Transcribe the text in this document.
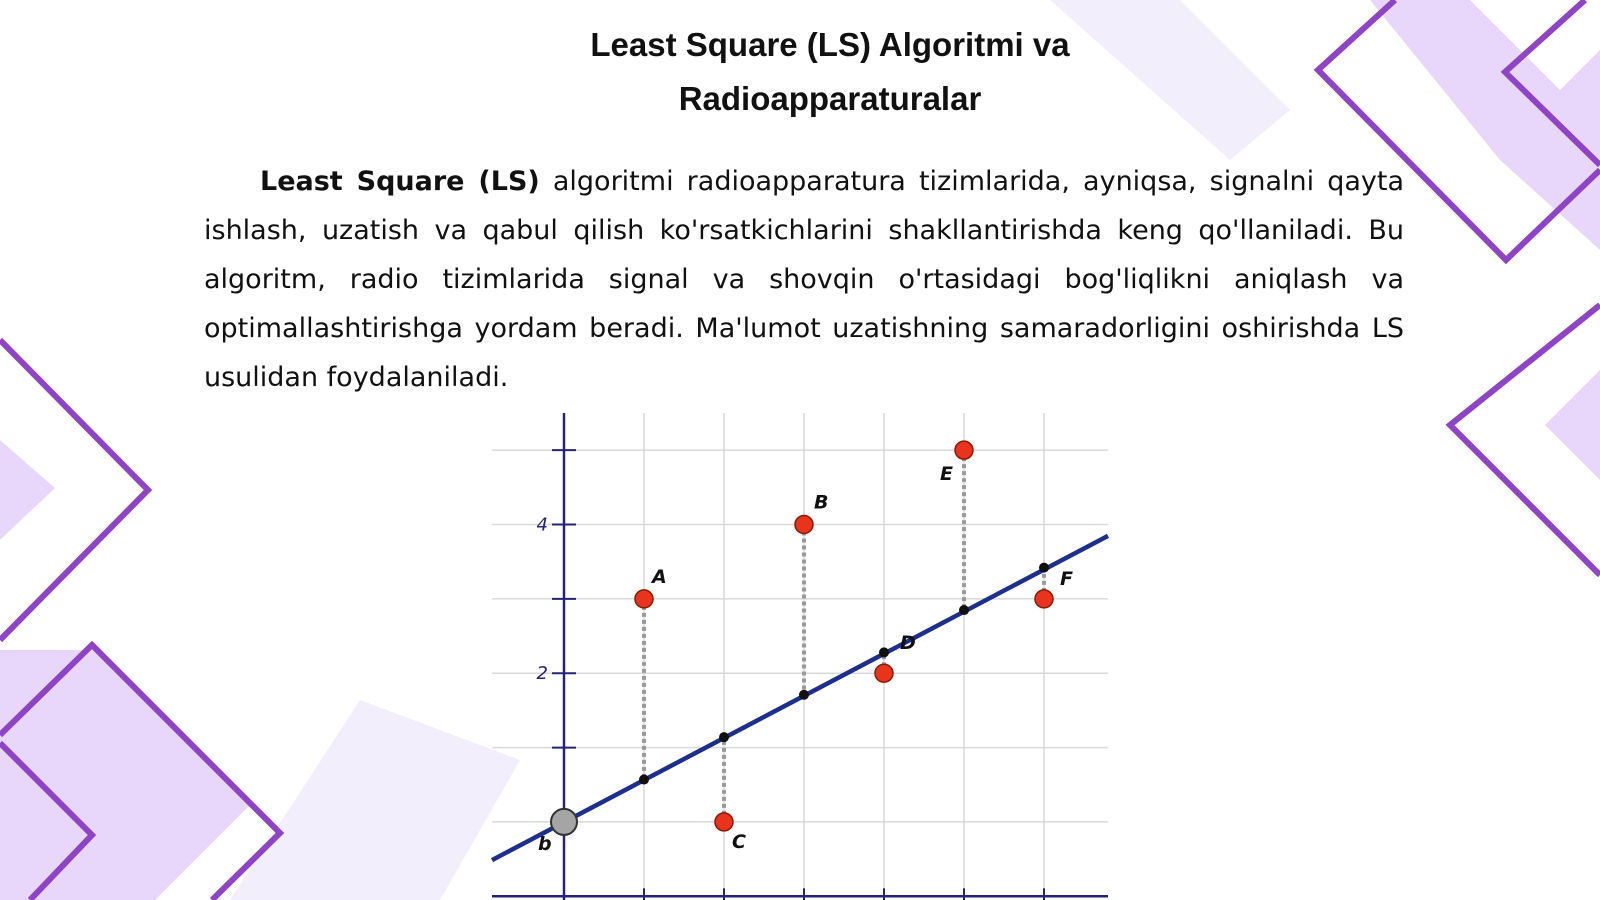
Least Square (LS) Algoritmi va
Radioapparaturalar
Least Square (LS) algoritmi radioapparatura tizimlarida, ayniqsa, signalni qayta ishlash, uzatish va qabul qilish ko'rsatkichlarini shakllantirishda keng qo'llaniladi. Bu algoritm, radio tizimlarida signal va shovqin o'rtasidagi bog'liqlikni aniqlash va optimallashtirishga yordam beradi. Ma'lumot uzatishning samaradorligini oshirishda LS usulidan foydalaniladi.
2
4
b
A
B
C
D
E
F
